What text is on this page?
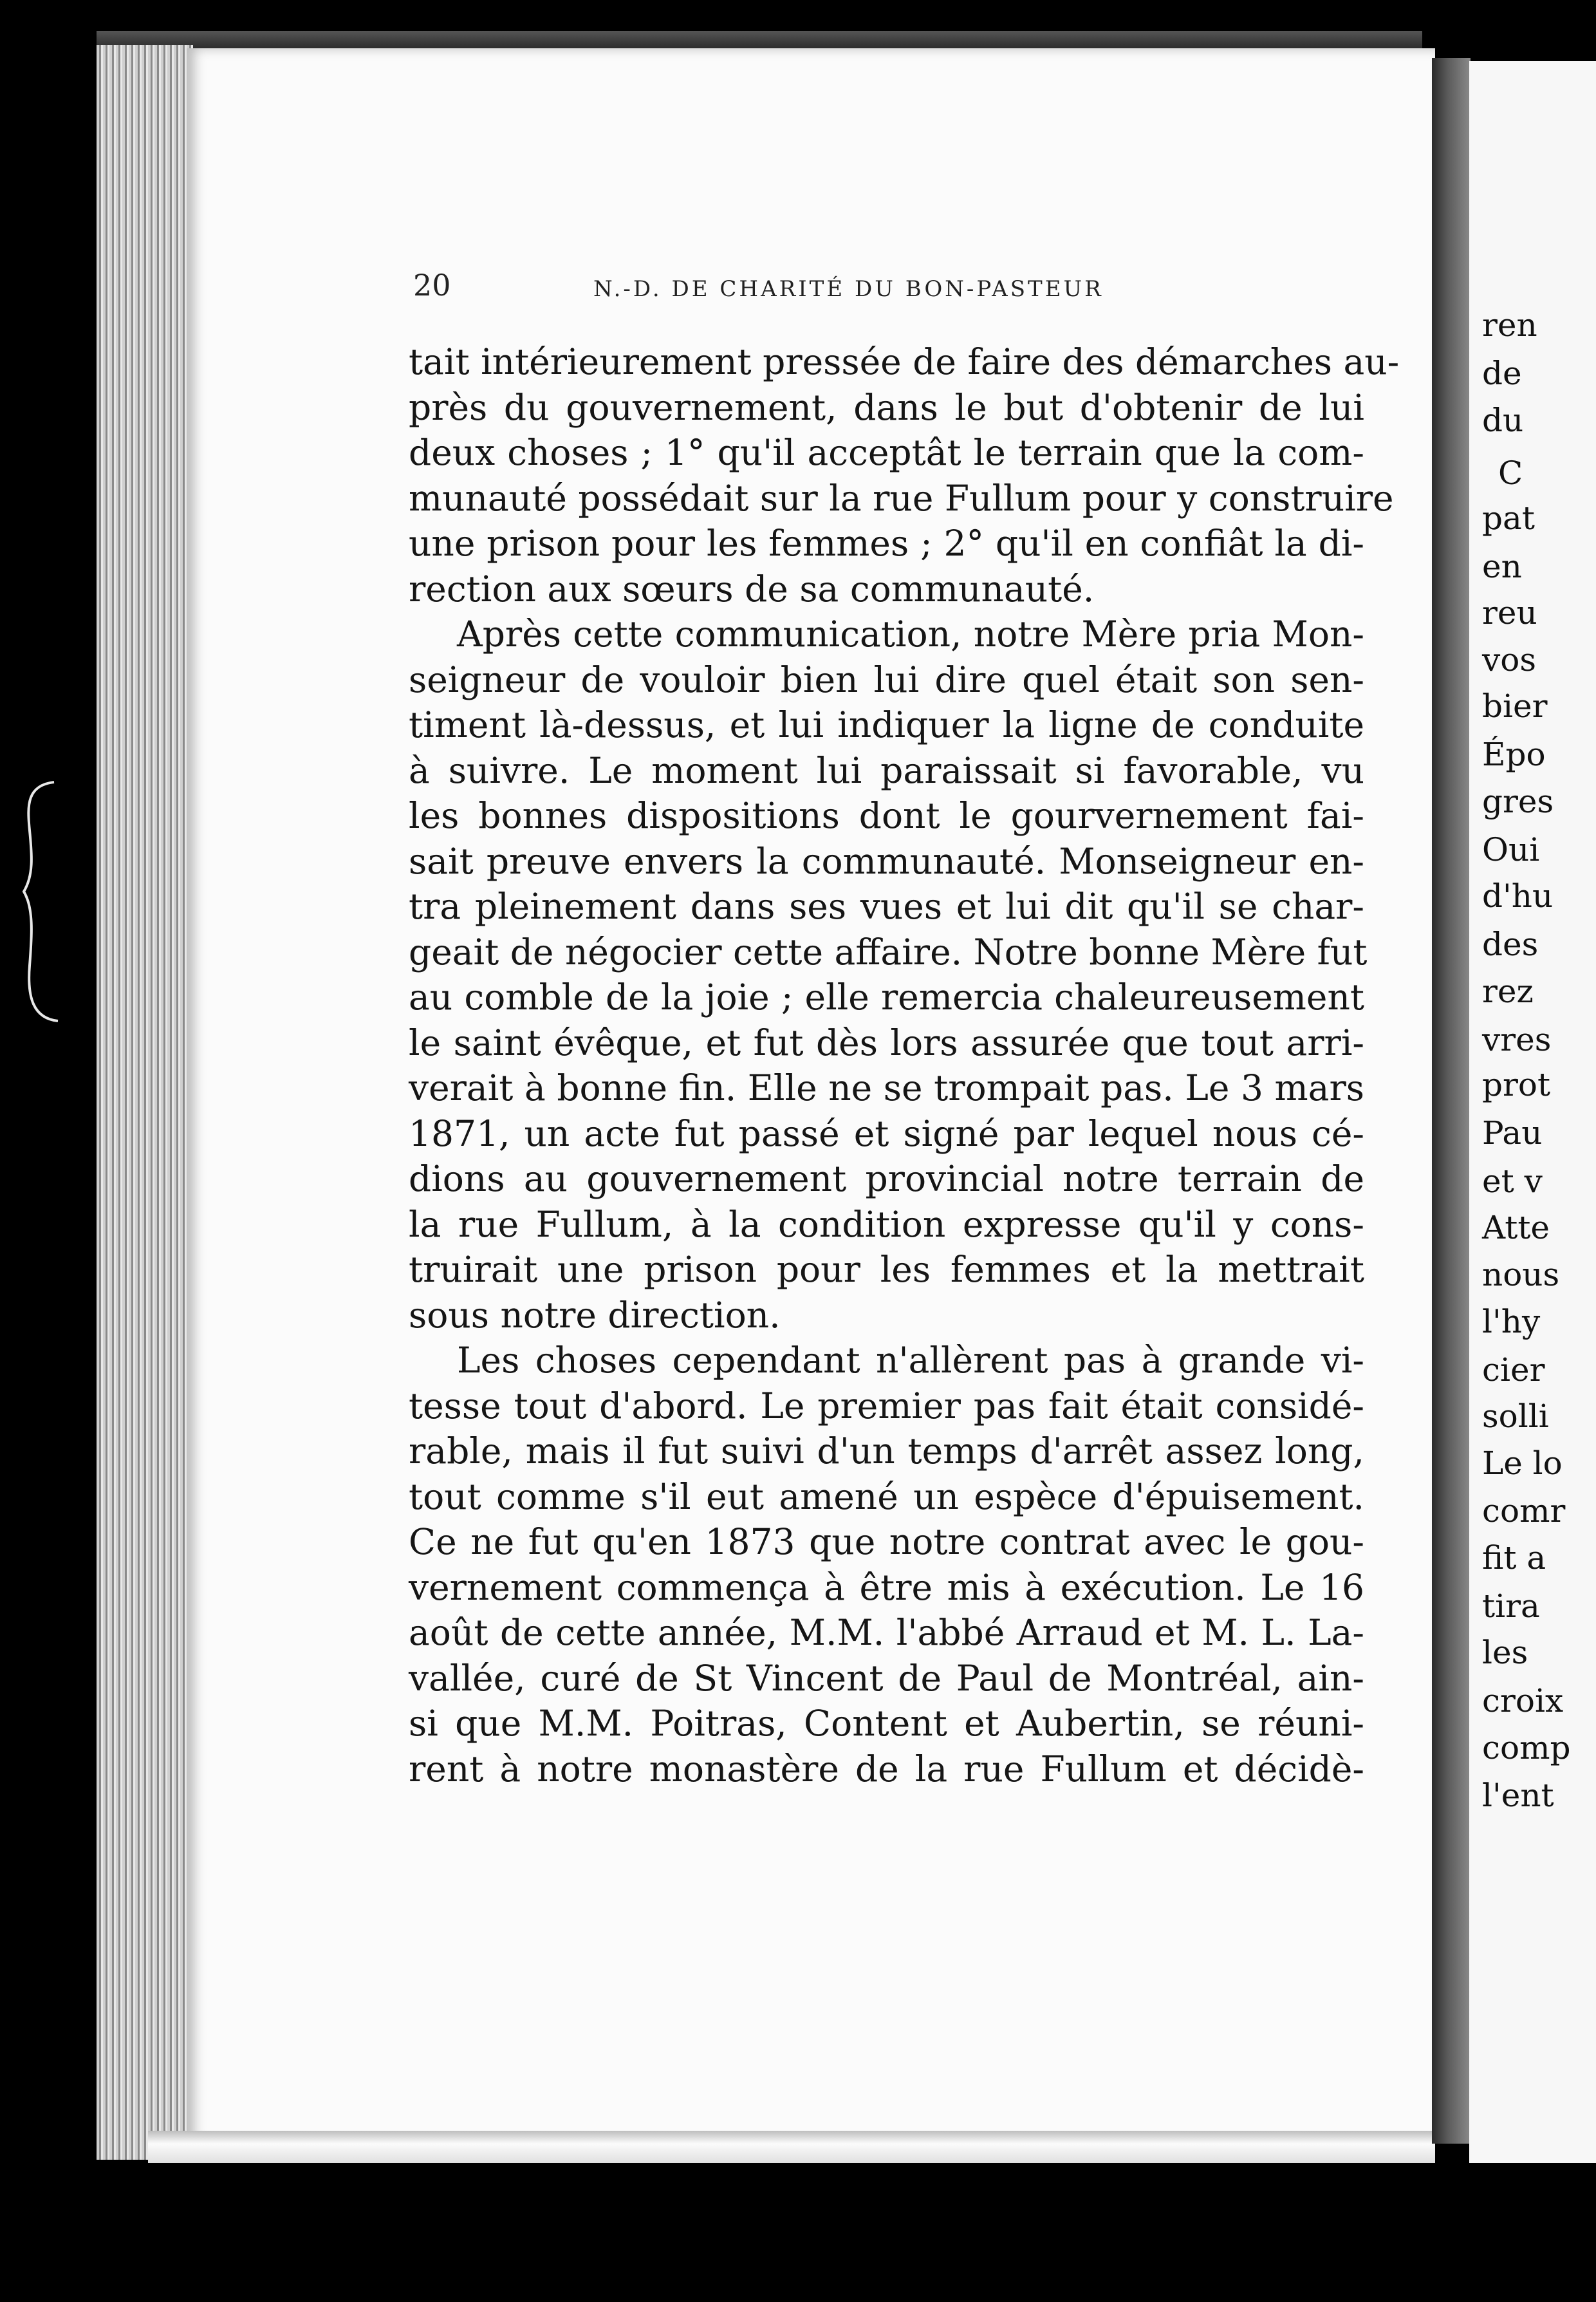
ren
de
du
C
pat
en
reu
vos
bier
Épo
gres
Oui
d'hu
des
rez
vres
prot
Pau
et v
Atte
nous
l'hy
cier
solli
Le lo
comr
fit a
tira
les
croix
comp
l'ent
20	N.-D. DE CHARITÉ DU BON-PASTEUR
tait intérieurement pressée de faire des démarches au-
près du gouvernement, dans le but d'obtenir de lui
deux choses ; 1° qu'il acceptât le terrain que la com-
munauté possédait sur la rue Fullum pour y construire
une prison pour les femmes ; 2° qu'il en confiât la di-
rection aux sœurs de sa communauté.
Après cette communication, notre Mère pria Mon-
seigneur de vouloir bien lui dire quel était son sen-
timent là-dessus, et lui indiquer la ligne de conduite
à suivre. Le moment lui paraissait si favorable, vu
les bonnes dispositions dont le gourvernement fai-
sait preuve envers la communauté. Monseigneur en-
tra pleinement dans ses vues et lui dit qu'il se char-
geait de négocier cette affaire. Notre bonne Mère fut
au comble de la joie ; elle remercia chaleureusement
le saint évêque, et fut dès lors assurée que tout arri-
verait à bonne fin. Elle ne se trompait pas. Le 3 mars
1871, un acte fut passé et signé par lequel nous cé-
dions au gouvernement provincial notre terrain de
la rue Fullum, à la condition expresse qu'il y cons-
truirait une prison pour les femmes et la mettrait
sous notre direction.
Les choses cependant n'allèrent pas à grande vi-
tesse tout d'abord. Le premier pas fait était considé-
rable, mais il fut suivi d'un temps d'arrêt assez long,
tout comme s'il eut amené un espèce d'épuisement.
Ce ne fut qu'en 1873 que notre contrat avec le gou-
vernement commença à être mis à exécution. Le 16
août de cette année, M.M. l'abbé Arraud et M. L. La-
vallée, curé de St Vincent de Paul de Montréal, ain-
si que M.M. Poitras, Content et Aubertin, se réuni-
rent à notre monastère de la rue Fullum et décidè-
